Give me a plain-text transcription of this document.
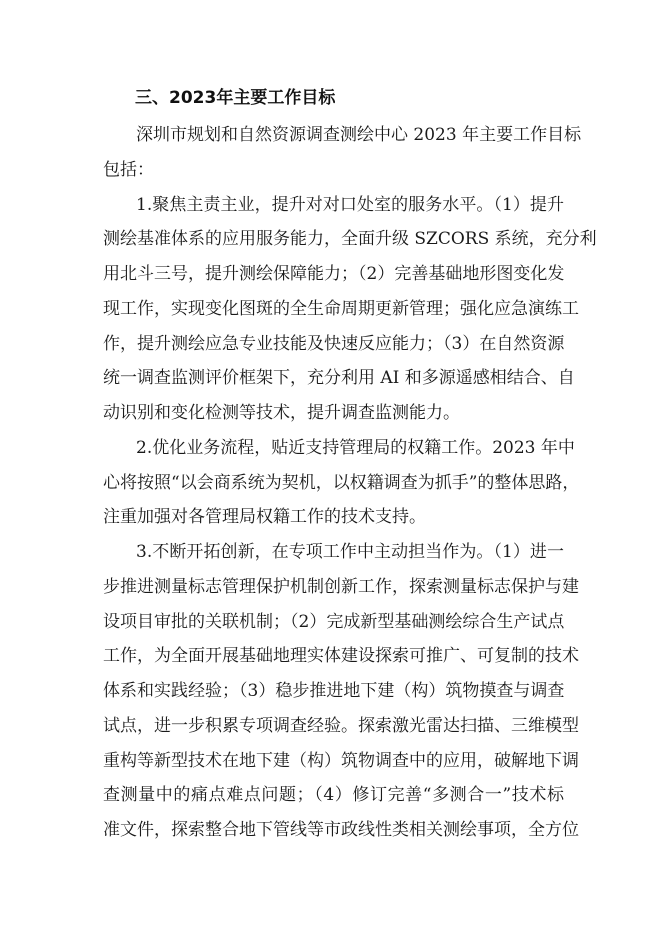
三、2023年主要工作目标
深圳市规划和自然资源调查测绘中心 2023 年主要工作目标
包括：
1.聚焦主责主业，提升对对口处室的服务水平。（1）提升
测绘基准体系的应用服务能力，全面升级 SZCORS 系统，充分利
用北斗三号，提升测绘保障能力；（2）完善基础地形图变化发
现工作，实现变化图斑的全生命周期更新管理；强化应急演练工
作，提升测绘应急专业技能及快速反应能力；（3）在自然资源
统一调查监测评价框架下，充分利用 AI 和多源遥感相结合、自
动识别和变化检测等技术，提升调查监测能力。
2.优化业务流程，贴近支持管理局的权籍工作。2023 年中
心将按照“以会商系统为契机，以权籍调查为抓手”的整体思路，
注重加强对各管理局权籍工作的技术支持。
3.不断开拓创新，在专项工作中主动担当作为。（1）进一
步推进测量标志管理保护机制创新工作，探索测量标志保护与建
设项目审批的关联机制；（2）完成新型基础测绘综合生产试点
工作，为全面开展基础地理实体建设探索可推广、可复制的技术
体系和实践经验；（3）稳步推进地下建（构）筑物摸查与调查
试点，进一步积累专项调查经验。探索激光雷达扫描、三维模型
重构等新型技术在地下建（构）筑物调查中的应用，破解地下调
查测量中的痛点难点问题；（4）修订完善“多测合一”技术标
准文件，探索整合地下管线等市政线性类相关测绘事项，全方位
